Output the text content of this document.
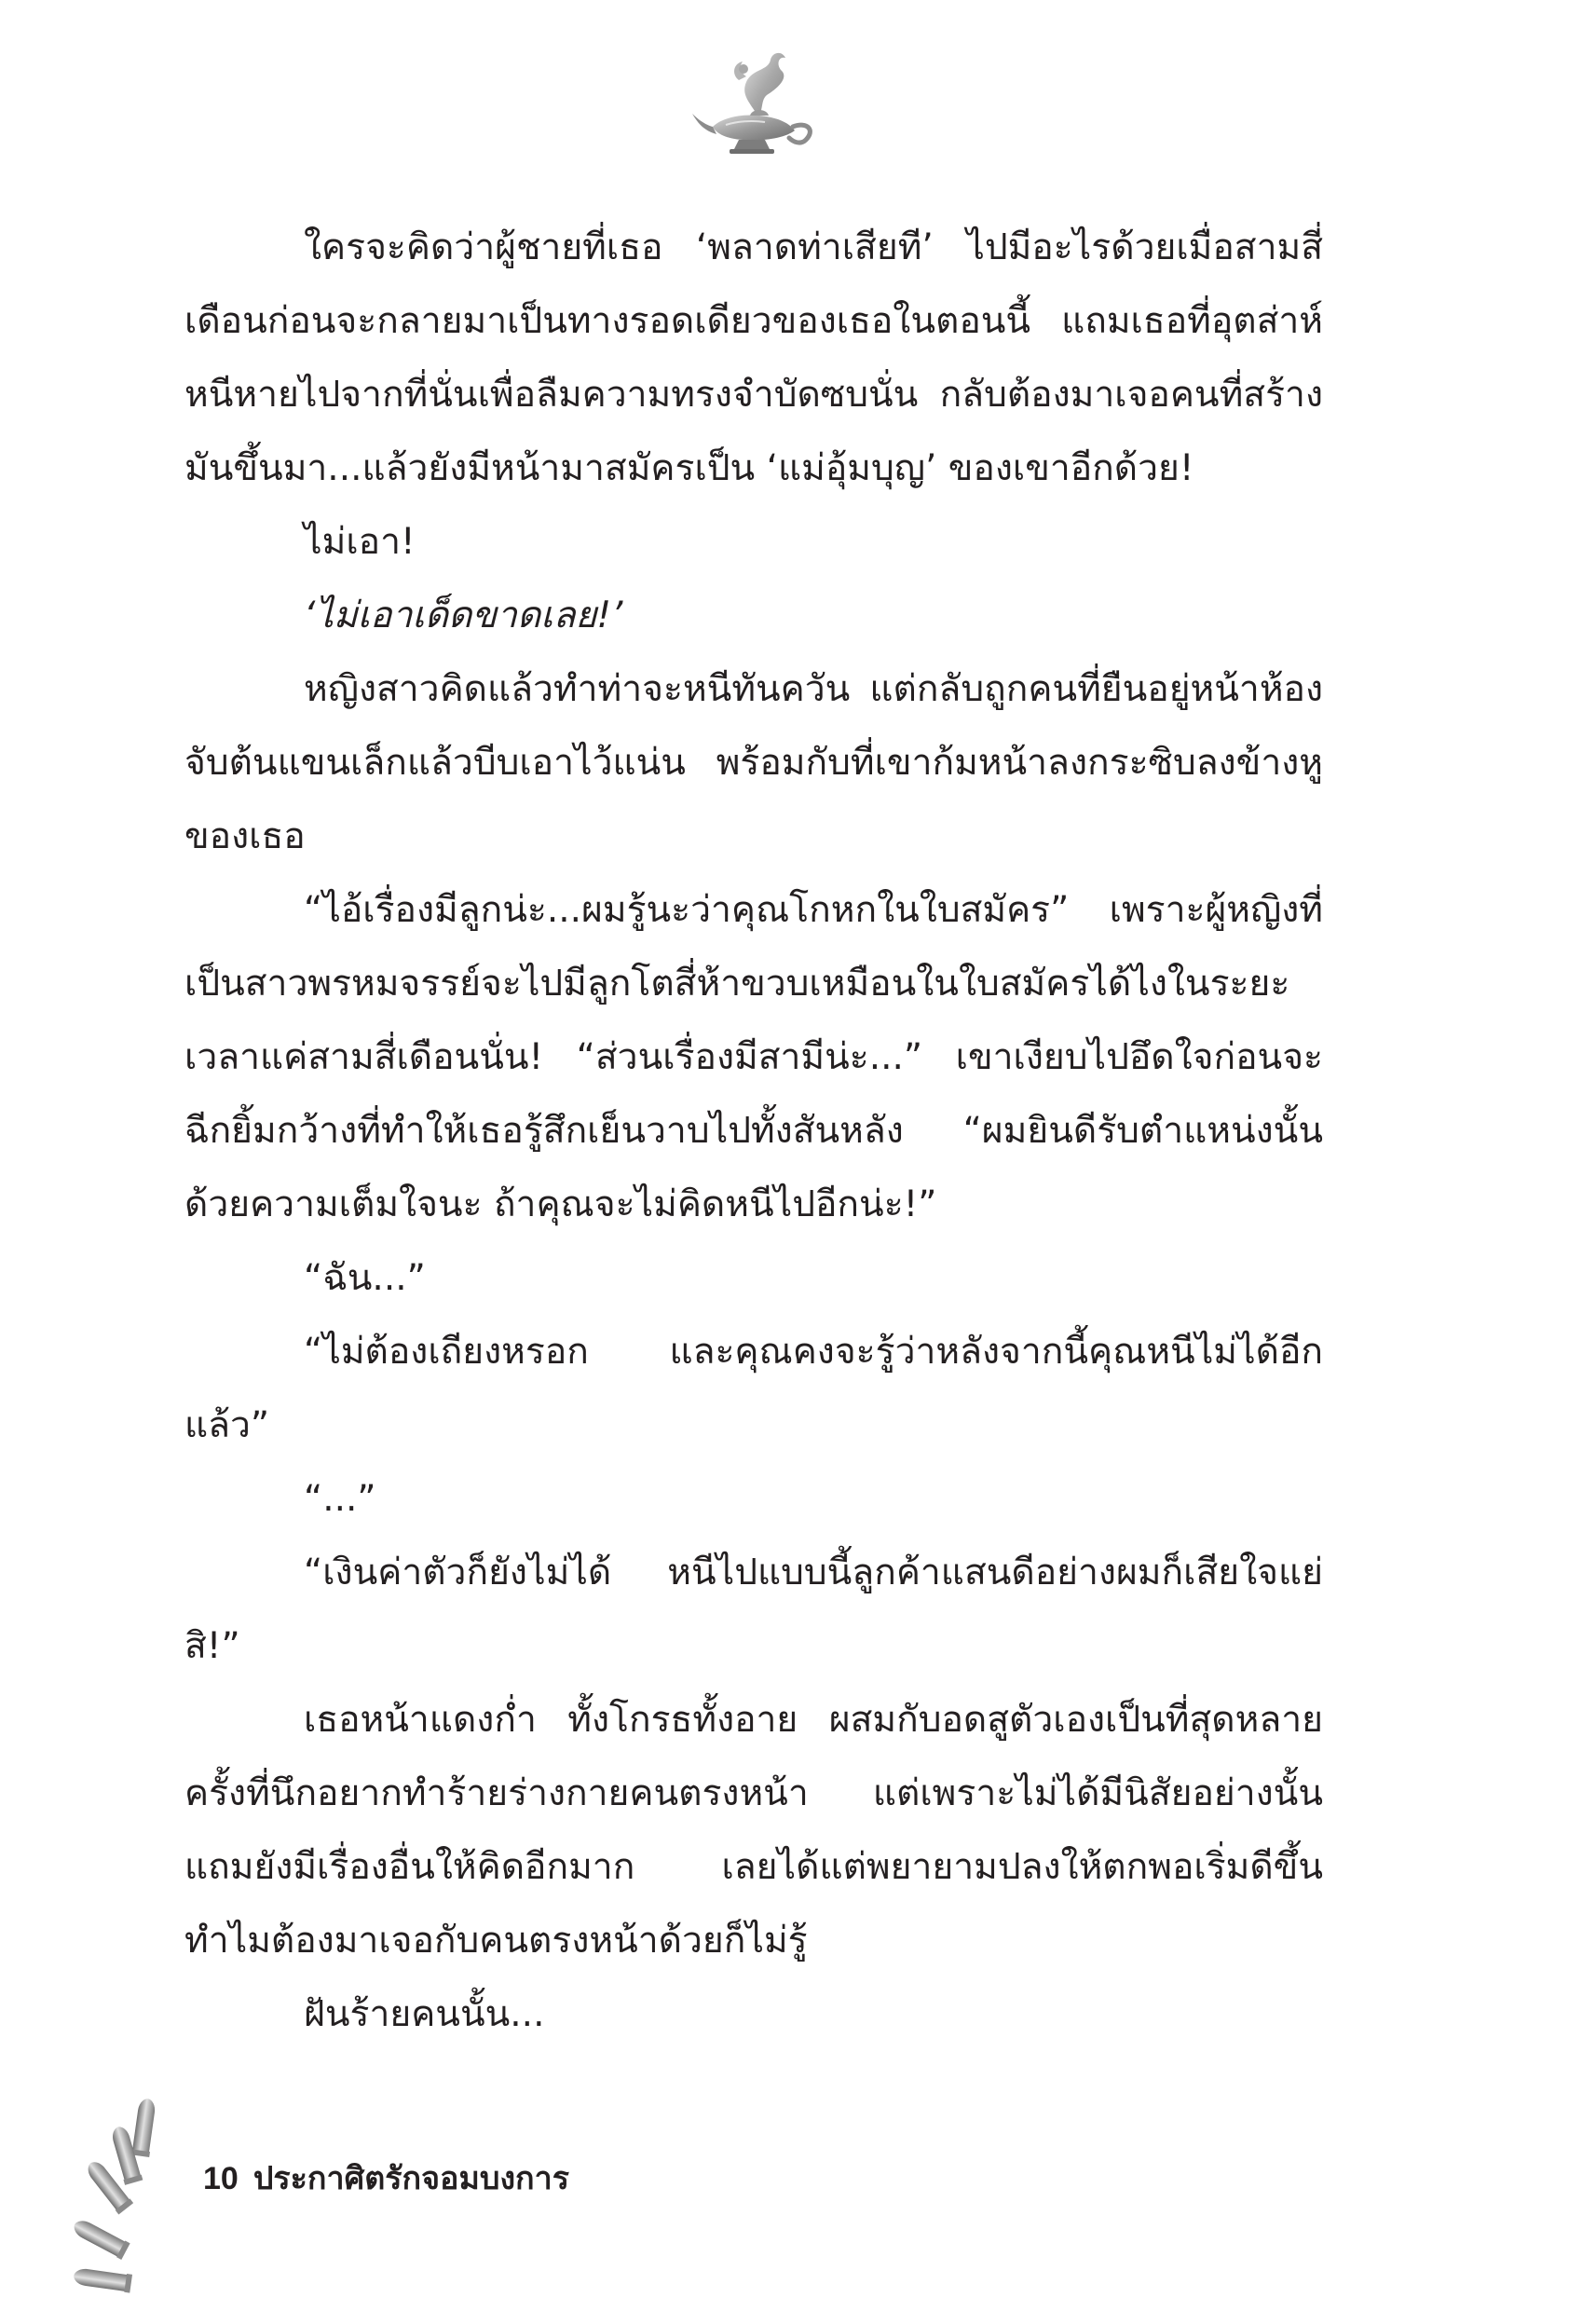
ใครจะคิดว่าผู้ชายที่เธอ ‘พลาดท่าเสียที’ ไปมีอะไรด้วยเมื่อสามสี่เดือนก่อนจะกลายมาเป็นทางรอดเดียวของเธอในตอนนี้ แถมเธอที่อุตส่าห์หนีหายไปจากที่นั่นเพื่อลืมความทรงจำบัดซบนั่น กลับต้องมาเจอคนที่สร้างมันขึ้นมา...แล้วยังมีหน้ามาสมัครเป็น ‘แม่อุ้มบุญ’ ของเขาอีกด้วย!

ไม่เอา!

‘ไม่เอาเด็ดขาดเลย!’

หญิงสาวคิดแล้วทำท่าจะหนีทันควัน แต่กลับถูกคนที่ยืนอยู่หน้าห้องจับต้นแขนเล็กแล้วบีบเอาไว้แน่น พร้อมกับที่เขาก้มหน้าลงกระซิบลงข้างหูของเธอ

“ไอ้เรื่องมีลูกน่ะ...ผมรู้นะว่าคุณโกหกในใบสมัคร” เพราะผู้หญิงที่เป็นสาวพรหมจรรย์จะไปมีลูกโตสี่ห้าขวบเหมือนในใบสมัครได้ไงในระยะเวลาแค่สามสี่เดือนนั่น! “ส่วนเรื่องมีสามีน่ะ...” เขาเงียบไปอึดใจก่อนจะฉีกยิ้มกว้างที่ทำให้เธอรู้สึกเย็นวาบไปทั้งสันหลัง “ผมยินดีรับตำแหน่งนั้นด้วยความเต็มใจนะ ถ้าคุณจะไม่คิดหนีไปอีกน่ะ!”

“ฉัน...”

“ไม่ต้องเถียงหรอก และคุณคงจะรู้ว่าหลังจากนี้คุณหนีไม่ได้อีกแล้ว”

“...”

“เงินค่าตัวก็ยังไม่ได้ หนีไปแบบนี้ลูกค้าแสนดีอย่างผมก็เสียใจแย่สิ!”

เธอหน้าแดงก่ำ ทั้งโกรธทั้งอาย ผสมกับอดสูตัวเองเป็นที่สุดหลายครั้งที่นึกอยากทำร้ายร่างกายคนตรงหน้า แต่เพราะไม่ได้มีนิสัยอย่างนั้น แถมยังมีเรื่องอื่นให้คิดอีกมาก เลยได้แต่พยายามปลงให้ตกพอเริ่มดีขึ้นทำไมต้องมาเจอกับคนตรงหน้าด้วยก็ไม่รู้

ฝันร้ายคนนั้น...

10 ประกาศิตรักจอมบงการ
